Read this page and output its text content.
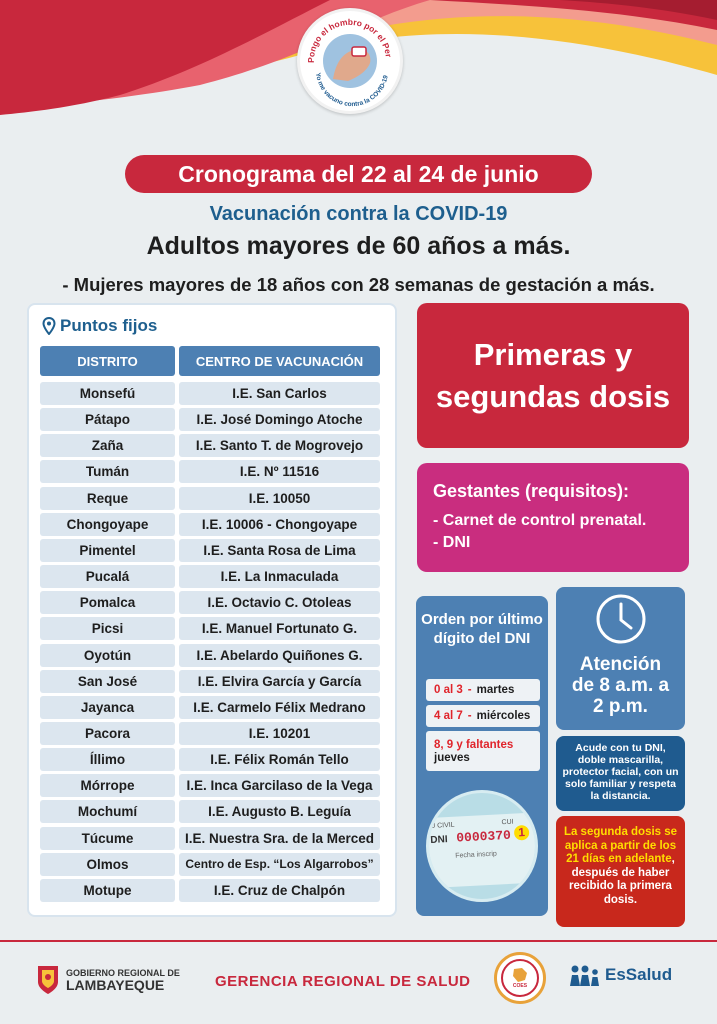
Pongo el hombro por el Per
Yo me vacuno contra la COVID-19
Cronograma del 22 al 24 de junio
Vacunación contra la COVID-19
Adultos mayores de 60 años a más.
- Mujeres mayores de 18 años con 28 semanas de gestación a más.
Puntos fijos
DISTRITO	CENTRO DE VACUNACIÓN
Monsefú	I.E. San Carlos
Pátapo	I.E. José Domingo Atoche
Zaña	I.E. Santo T. de Mogrovejo
Tumán	I.E. Nº 11516
Reque	I.E. 10050
Chongoyape	I.E. 10006 - Chongoyape
Pimentel	I.E. Santa Rosa de Lima
Pucalá	I.E. La Inmaculada
Pomalca	I.E. Octavio C. Otoleas
Picsi	I.E. Manuel Fortunato G.
Oyotún	I.E. Abelardo Quiñones G.
San José	I.E. Elvira García y García
Jayanca	I.E. Carmelo Félix Medrano
Pacora	I.E. 10201
Íllimo	I.E. Félix Román Tello
Mórrope	I.E. Inca Garcilaso de la Vega
Mochumí	I.E. Augusto B. Leguía
Túcume	I.E. Nuestra Sra. de la Merced
Olmos	Centro de Esp. “Los Algarrobos”
Motupe	I.E. Cruz de Chalpón
Primeras y
segundas dosis
Gestantes (requisitos):
- Carnet de control prenatal.
- DNI
Orden por último dígito del DNI
0 al 3 - martes
4 al 7 - miércoles
8, 9 y faltantes
jueves
J CIVIL	CUI
DNI 0000370 1
Fecha inscrip
Atención
de 8 a.m. a
2 p.m.
Acude con tu DNI, doble mascarilla, protector facial, con un solo familiar y respeta la distancia.
La segunda dosis se aplica a partir de los 21 días en adelante, después de haber recibido la primera dosis.
GOBIERNO REGIONAL DE
LAMBAYEQUE	GERENCIA REGIONAL DE SALUD	COES
EsSalud
